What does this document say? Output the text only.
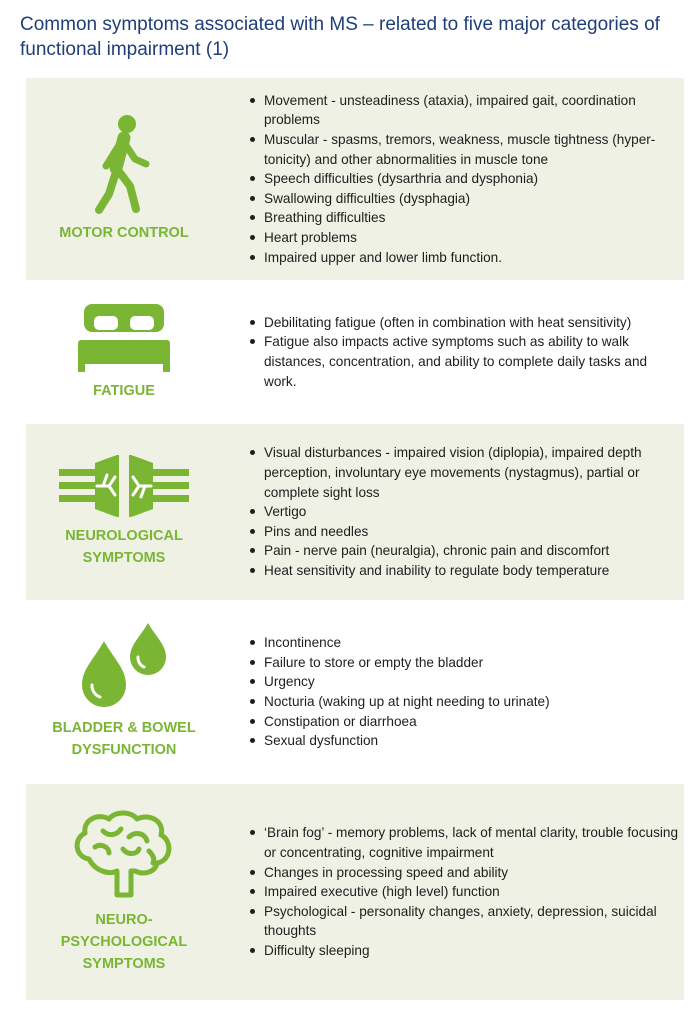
Common symptoms associated with MS – related to five major categories of functional impairment (1)
MOTOR CONTROL
Movement - unsteadiness (ataxia), impaired gait, coordination problems
Muscular - spasms, tremors, weakness, muscle tightness (hyper-tonicity) and other abnormalities in muscle tone
Speech difficulties (dysarthria and dysphonia)
Swallowing difficulties (dysphagia)
Breathing difficulties
Heart problems
Impaired upper and lower limb function.
FATIGUE
Debilitating fatigue (often in combination with heat sensitivity)
Fatigue also impacts active symptoms such as ability to walk distances, concentration, and ability to complete daily tasks and work.
NEUROLOGICAL
SYMPTOMS
Visual disturbances - impaired vision (diplopia), impaired depth perception, involuntary eye movements (nystagmus), partial or complete sight loss
Vertigo
Pins and needles
Pain - nerve pain (neuralgia), chronic pain and discomfort
Heat sensitivity and inability to regulate body temperature
BLADDER & BOWEL
DYSFUNCTION
Incontinence
Failure to store or empty the bladder
Urgency
Nocturia (waking up at night needing to urinate)
Constipation or diarrhoea
Sexual dysfunction
NEURO-
PSYCHOLOGICAL
SYMPTOMS
‘Brain fog’ - memory problems, lack of mental clarity, trouble focusing or concentrating, cognitive impairment
Changes in processing speed and ability
Impaired executive (high level) function
Psychological - personality changes, anxiety, depression, suicidal thoughts
Difficulty sleeping
